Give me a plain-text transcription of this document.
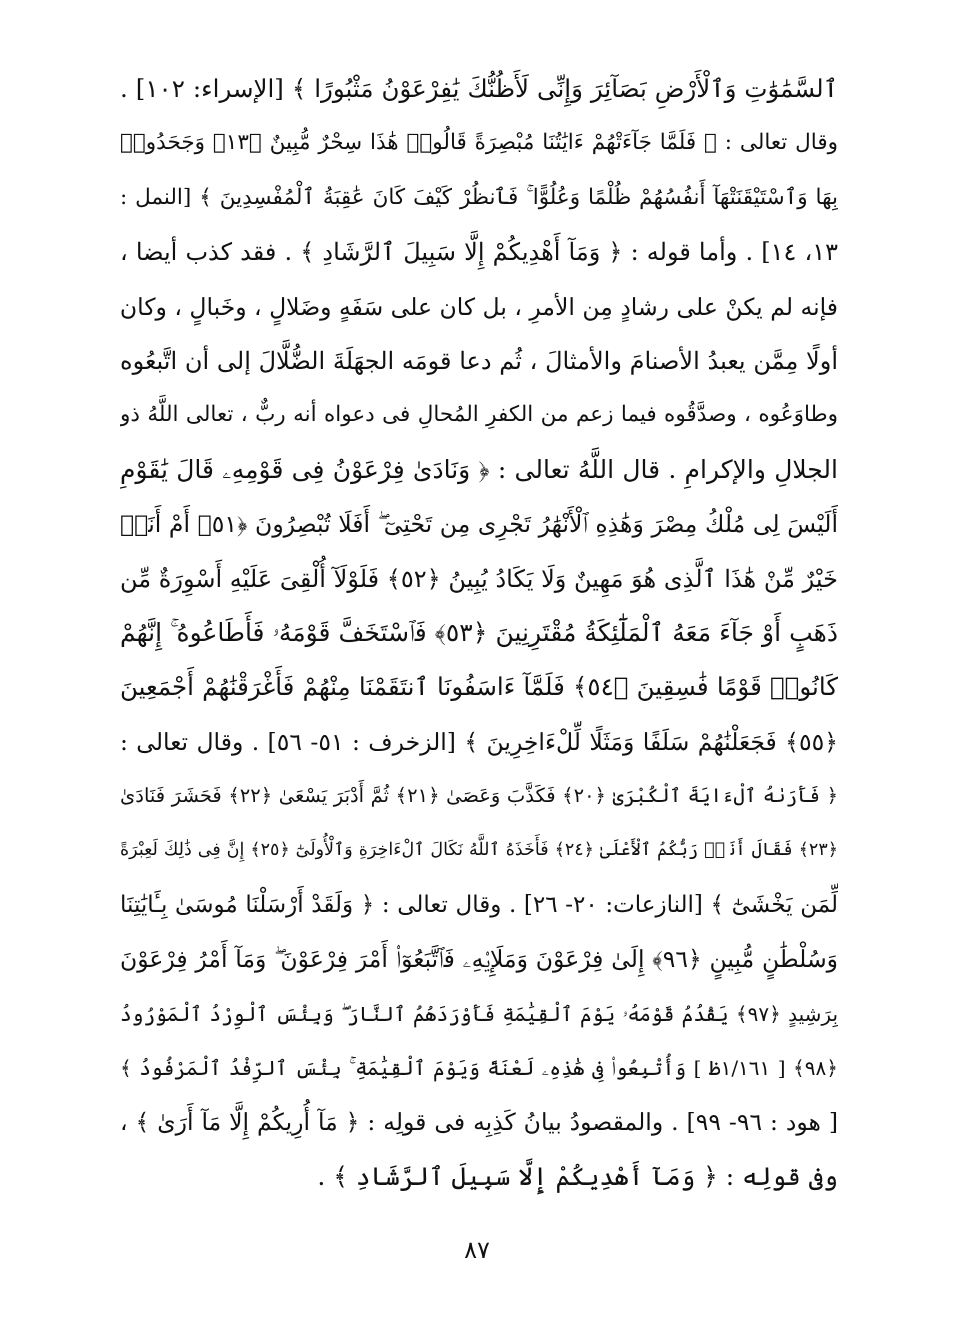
ٱلسَّمَٰوَٰتِ وَٱلْأَرْضِ بَصَآئِرَ وَإِنِّى لَأَظُنُّكَ يَٰفِرْعَوْنُ مَثْبُورًا ﴾ [الإسراء: ١٠٢] .
وقال تعالى : ﴿ فَلَمَّا جَآءَتْهُمْ ءَايَٰتُنَا مُبْصِرَةً قَالُوا۟ هَٰذَا سِحْرٌ مُّبِينٌ ﴿١٣﴾ وَجَحَدُوا۟
بِهَا وَٱسْتَيْقَنَتْهَآ أَنفُسُهُمْ ظُلْمًا وَعُلُوًّا ۚ فَٱنظُرْ كَيْفَ كَانَ عَٰقِبَةُ ٱلْمُفْسِدِينَ ﴾ [النمل :
١٣، ١٤] . وأما قوله : ﴿ وَمَآ أَهْدِيكُمْ إِلَّا سَبِيلَ ٱلرَّشَادِ ﴾ . فقد كذب أيضا ،
فإنه لم يكنْ على رشادٍ مِن الأمرِ ، بل كان على سَفَهٍ وضَلالٍ ، وخَبالٍ ، وكان
أولًا مِمَّن يعبدُ الأصنامَ والأمثالَ ، ثُم دعا قومَه الجهَلَةَ الضُّلَّالَ إلى أن اتَّبعُوه
وطاوَعُوه ، وصدَّقُوه فيما زعم من الكفرِ المُحالِ فى دعواه أنه ربٌّ ، تعالى اللَّهُ ذو
الجلالِ والإكرامِ . قال اللَّهُ تعالى : ﴿ وَنَادَىٰ فِرْعَوْنُ فِى قَوْمِهِۦ قَالَ يَٰقَوْمِ
أَلَيْسَ لِى مُلْكُ مِصْرَ وَهَٰذِهِ ٱلْأَنْهَٰرُ تَجْرِى مِن تَحْتِىٓ ۖ أَفَلَا تُبْصِرُونَ ﴿٥١﴾ أَمْ أَنَا۠
خَيْرٌ مِّنْ هَٰذَا ٱلَّذِى هُوَ مَهِينٌ وَلَا يَكَادُ يُبِينُ ﴿٥٢﴾ فَلَوْلَآ أُلْقِىَ عَلَيْهِ أَسْوِرَةٌ مِّن
ذَهَبٍ أَوْ جَآءَ مَعَهُ ٱلْمَلَٰٓئِكَةُ مُقْتَرِنِينَ ﴿٥٣﴾ فَٱسْتَخَفَّ قَوْمَهُۥ فَأَطَاعُوهُ ۚ إِنَّهُمْ
كَانُوا۟ قَوْمًا فَٰسِقِينَ ﴿٥٤﴾ فَلَمَّآ ءَاسَفُونَا ٱنتَقَمْنَا مِنْهُمْ فَأَغْرَقْنَٰهُمْ أَجْمَعِينَ
﴿٥٥﴾ فَجَعَلْنَٰهُمْ سَلَفًا وَمَثَلًا لِّلْءَاخِرِينَ ﴾ [الزخرف : ٥١- ٥٦] . وقال تعالى :
﴿ فَأَرَىٰهُ ٱلْءَايَةَ ٱلْكُبْرَىٰ ﴿٢٠﴾ فَكَذَّبَ وَعَصَىٰ ﴿٢١﴾ ثُمَّ أَدْبَرَ يَسْعَىٰ ﴿٢٢﴾ فَحَشَرَ فَنَادَىٰ
﴿٢٣﴾ فَقَالَ أَنَا۠ رَبُّكُمُ ٱلْأَعْلَىٰ ﴿٢٤﴾ فَأَخَذَهُ ٱللَّهُ نَكَالَ ٱلْءَاخِرَةِ وَٱلْأُولَىٰٓ ﴿٢٥﴾ إِنَّ فِى ذَٰلِكَ لَعِبْرَةً
لِّمَن يَخْشَىٰٓ ﴾ [النازعات: ٢٠- ٢٦] . وقال تعالى : ﴿ وَلَقَدْ أَرْسَلْنَا مُوسَىٰ بِـَٔايَٰتِنَا
وَسُلْطَٰنٍ مُّبِينٍ ﴿٩٦﴾ إِلَىٰ فِرْعَوْنَ وَمَلَإِي۟هِۦ فَٱتَّبَعُوٓا۟ أَمْرَ فِرْعَوْنَ ۖ وَمَآ أَمْرُ فِرْعَوْنَ
بِرَشِيدٍ ﴿٩٧﴾ يَقْدُمُ قَوْمَهُۥ يَوْمَ ٱلْقِيَٰمَةِ فَأَوْرَدَهُمُ ٱلنَّارَ ۖ وَبِئْسَ ٱلْوِرْدُ ٱلْمَوْرُودُ
﴿٩٨﴾ [ ١/١٦١ظ ] وَأُتْبِعُوا۟ فِى هَٰذِهِۦ لَعْنَةً وَيَوْمَ ٱلْقِيَٰمَةِ ۚ بِئْسَ ٱلرِّفْدُ ٱلْمَرْفُودُ ﴾
[ هود : ٩٦- ٩٩] . والمقصودُ بيانُ كَذِبِه فى قولِه : ﴿ مَآ أُرِيكُمْ إِلَّا مَآ أَرَىٰ ﴾ ،
وفى قولِه : ﴿ وَمَآ أَهْدِيكُمْ إِلَّا سَبِيلَ ٱلرَّشَادِ ﴾ .
٨٧
